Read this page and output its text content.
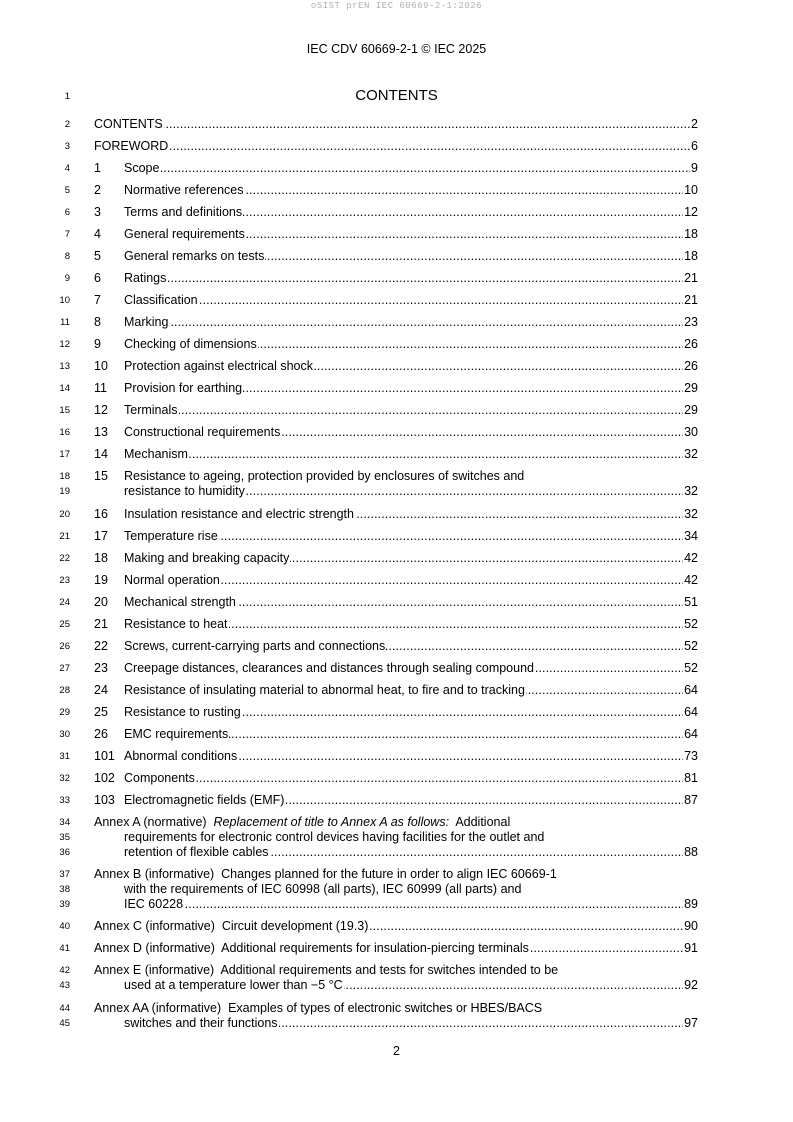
oSIST prEN IEC 60669-2-1:2026
IEC CDV 60669-2-1 © IEC 2025
1	CONTENTS
2 ..... CONTENTS	2
3 ..... FOREWORD	6
4 1 ..... Scope	9
5 2 ..... Normative references	10
6 3 ..... Terms and definitions	12
7 4 ..... General requirements	18
8 5 ..... General remarks on tests	18
9 6 ..... Ratings	21
10 7 ..... Classification	21
11 8 ..... Marking	23
12 9 ..... Checking of dimensions	26
13 10 ..... Protection against electrical shock	26
14 11 ..... Provision for earthing	29
15 12 ..... Terminals	29
16 13 ..... Constructional requirements	30
17 14 ..... Mechanism	32
18
19
15 Resistance to ageing, protection provided by enclosures of switches and
.....
resistance to humidity	32
20 16 ..... Insulation resistance and electric strength	32
21 17 ..... Temperature rise	34
22 18 ..... Making and breaking capacity	42
23 19 ..... Normal operation	42
24 20 ..... Mechanical strength	51
25 21 ..... Resistance to heat	52
26 22 ..... Screws, current-carrying parts and connections	52
27 23 ..... Creepage distances, clearances and distances through sealing compound	52
28 24 ..... Resistance of insulating material to abnormal heat, to fire and to tracking	64
29 25 ..... Resistance to rusting	64
30 26 ..... EMC requirements	64
31 101 ..... Abnormal conditions	73
32 102 ..... Components	81
33 103 ..... Electromagnetic fields (EMF)	87
34
35
36
Annex A (normative)  Replacement of title to Annex A as follows:  Additional
requirements for electronic control devices having facilities for the outlet and
.....
retention of flexible cables	88
37
38
39
Annex B (informative)  Changes planned for the future in order to align IEC 60669-1
with the requirements of IEC 60998 (all parts), IEC 60999 (all parts) and
.....
IEC 60228	89
40 ..... Annex C (informative)  Circuit development (19.3)	90
41 ..... Annex D (informative)  Additional requirements for insulation-piercing terminals	91
42
43
Annex E (informative)  Additional requirements and tests for switches intended to be
.....
used at a temperature lower than −5 °C	92
44
45
Annex AA (informative)  Examples of types of electronic switches or HBES/BACS
.....
switches and their functions	97
2
